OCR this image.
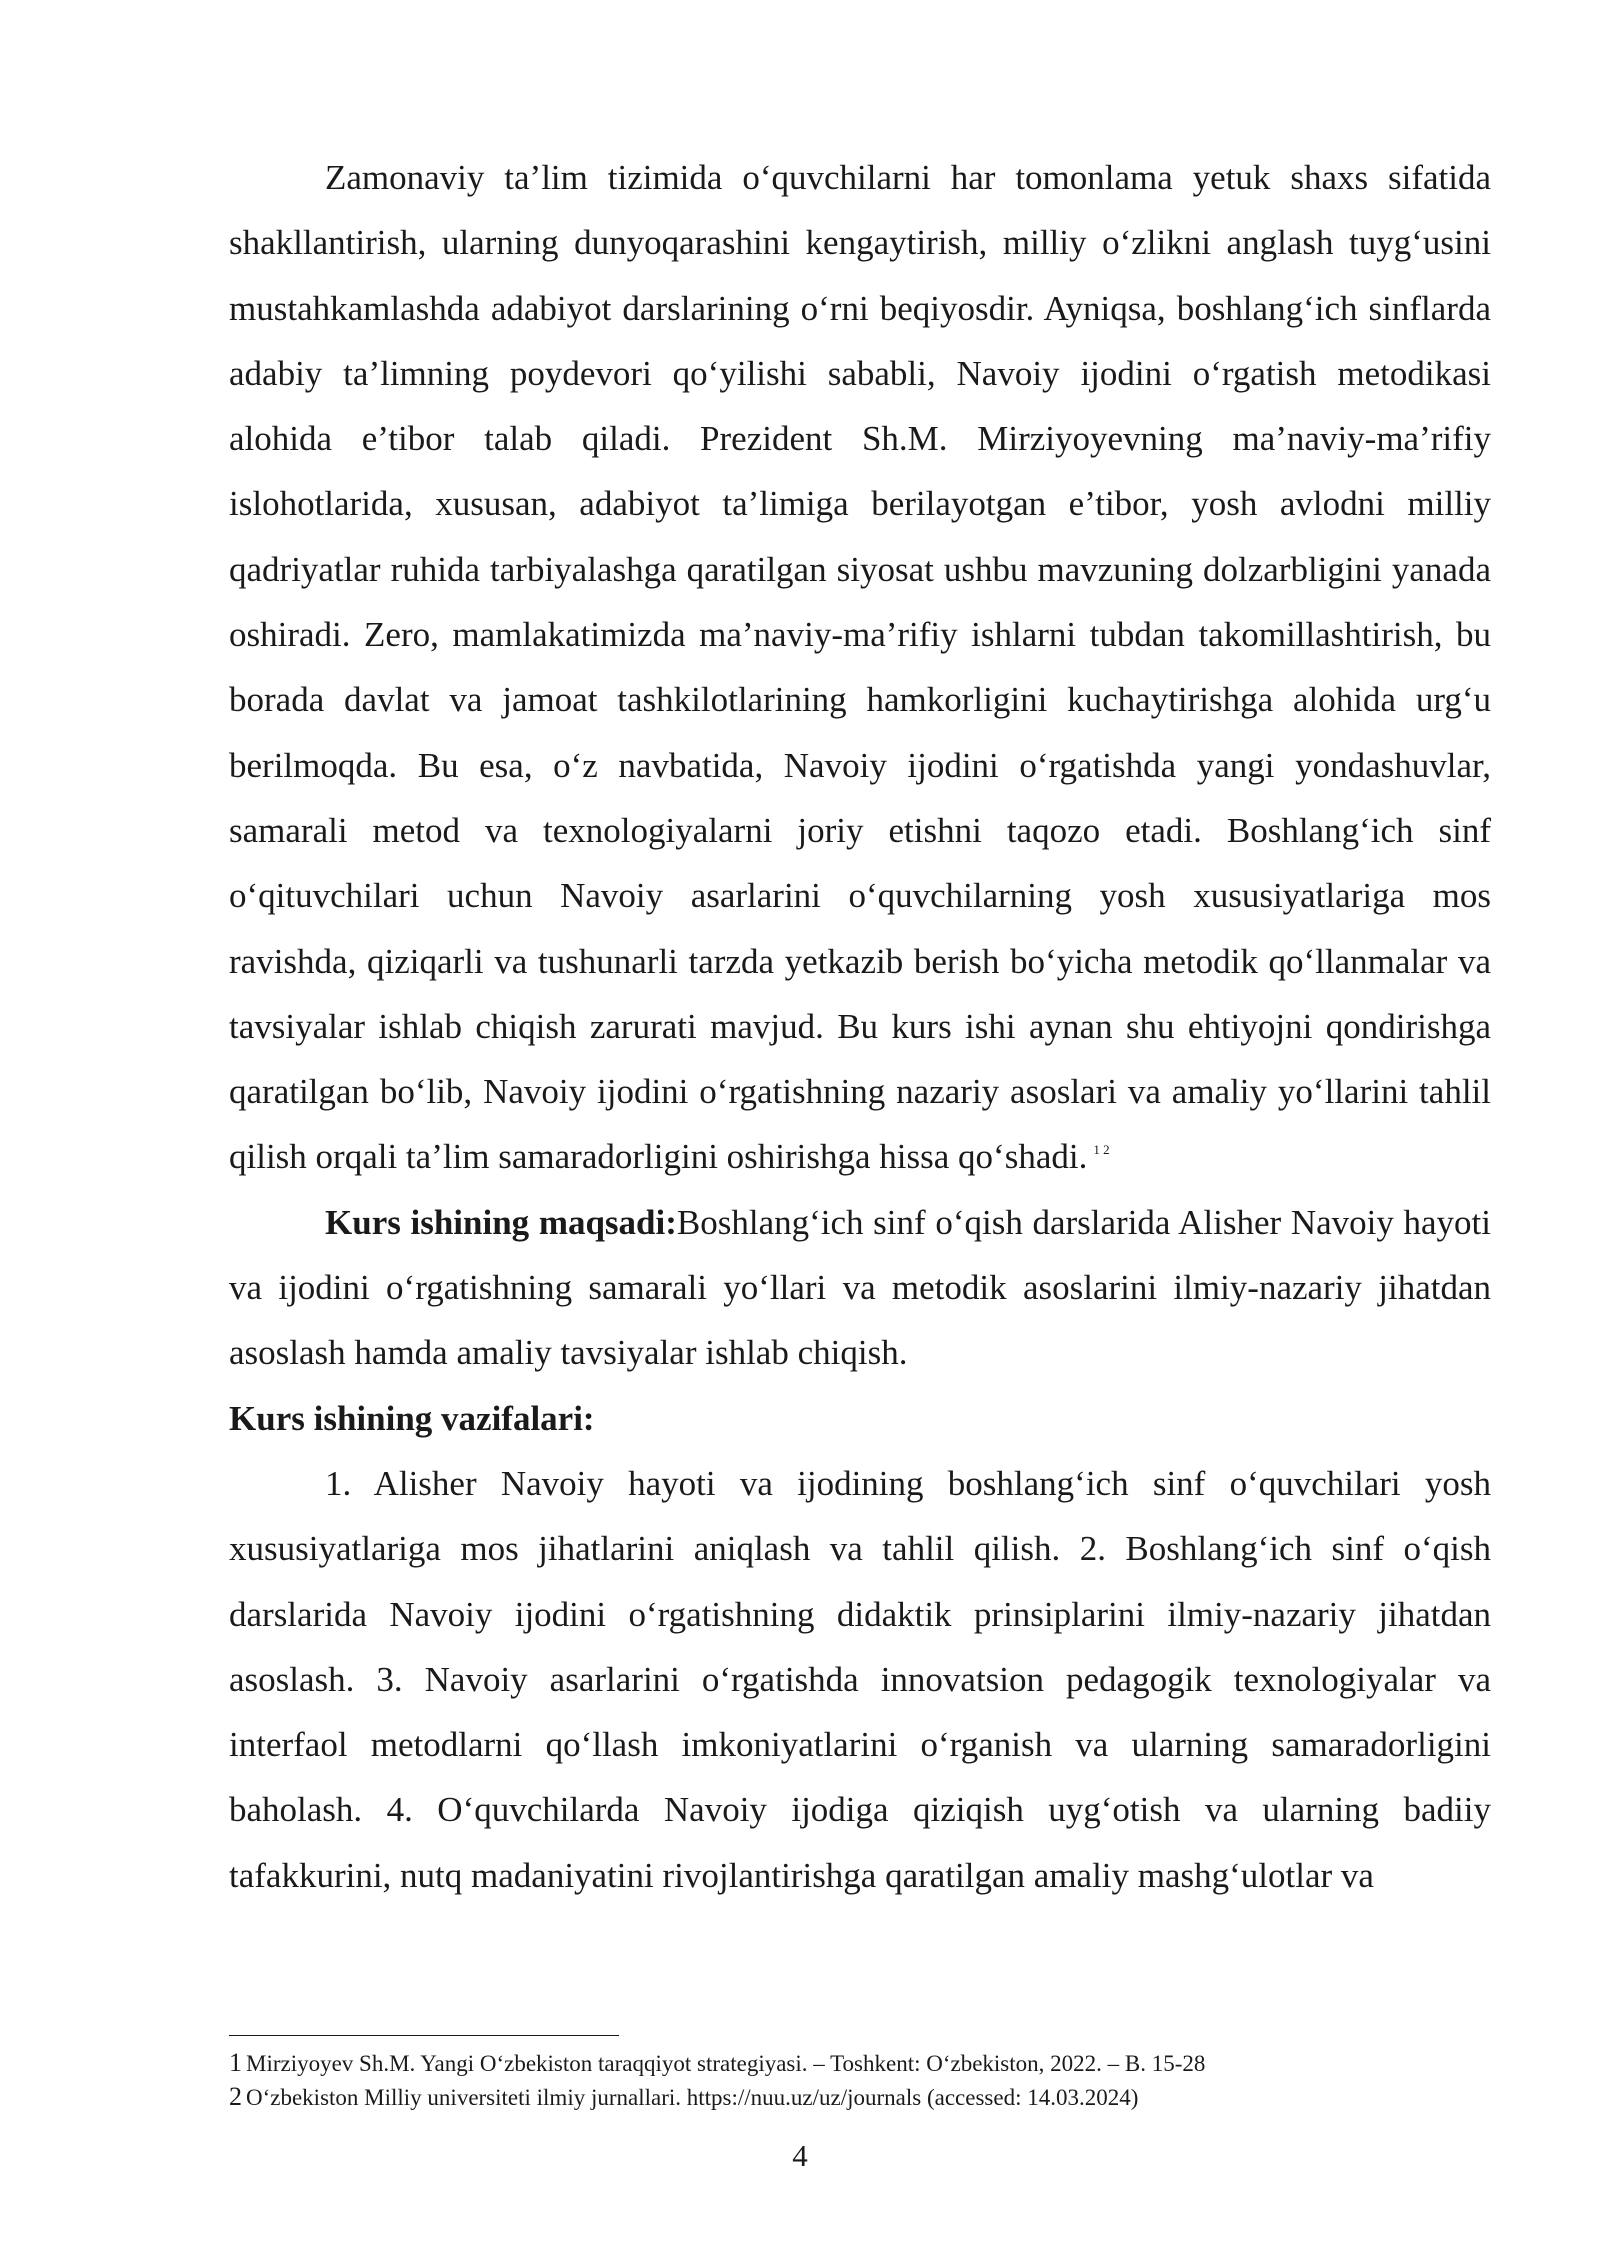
Zamonaviy ta’lim tizimida o‘quvchilarni har tomonlama yetuk shaxs sifatida shakllantirish, ularning dunyoqarashini kengaytirish, milliy o‘zlikni anglash tuyg‘usini mustahkamlashda adabiyot darslarining o‘rni beqiyosdir. Ayniqsa, boshlang‘ich sinflarda adabiy ta’limning poydevori qo‘yilishi sababli, Navoiy ijodini o‘rgatish metodikasi alohida e’tibor talab qiladi. Prezident Sh.M. Mirziyoyevning ma’naviy-ma’rifiy islohotlarida, xususan, adabiyot ta’limiga berilayotgan e’tibor, yosh avlodni milliy qadriyatlar ruhida tarbiyalashga qaratilgan siyosat ushbu mavzuning dolzarbligini yanada oshiradi. Zero, mamlakatimizda ma’naviy-ma’rifiy ishlarni tubdan takomillashtirish, bu borada davlat va jamoat tashkilotlarining hamkorligini kuchaytirishga alohida urg‘u berilmoqda. Bu esa, o‘z navbatida, Navoiy ijodini o‘rgatishda yangi yondashuvlar, samarali metod va texnologiyalarni joriy etishni taqozo etadi. Boshlang‘ich sinf o‘qituvchilari uchun Navoiy asarlarini o‘quvchilarning yosh xususiyatlariga mos ravishda, qiziqarli va tushunarli tarzda yetkazib berish bo‘yicha metodik qo‘llanmalar va tavsiyalar ishlab chiqish zarurati mavjud. Bu kurs ishi aynan shu ehtiyojni qondirishga qaratilgan bo‘lib, Navoiy ijodini o‘rgatishning nazariy asoslari va amaliy yo‘llarini tahlil qilish orqali ta’lim samaradorligini oshirishga hissa qo‘shadi. $^{1 2}$

Kurs ishining maqsadi:Boshlang‘ich sinf o‘qish darslarida Alisher Navoiy hayoti va ijodini o‘rgatishning samarali yo‘llari va metodik asoslarini ilmiy-nazariy jihatdan asoslash hamda amaliy tavsiyalar ishlab chiqish.

Kurs ishining vazifalari:

1. Alisher Navoiy hayoti va ijodining boshlang‘ich sinf o‘quvchilari yosh xususiyatlariga mos jihatlarini aniqlash va tahlil qilish. 2. Boshlang‘ich sinf o‘qish darslarida Navoiy ijodini o‘rgatishning didaktik prinsiplarini ilmiy-nazariy jihatdan asoslash. 3. Navoiy asarlarini o‘rgatishda innovatsion pedagogik texnologiyalar va interfaol metodlarni qo‘llash imkoniyatlarini o‘rganish va ularning samaradorligini baholash. 4. O‘quvchilarda Navoiy ijodiga qiziqish uyg‘otish va ularning badiiy tafakkurini, nutq madaniyatini rivojlantirishga qaratilgan amaliy mashg‘ulotlar va

1 Mirziyoyev Sh.M. Yangi O‘zbekiston taraqqiyot strategiyasi. – Toshkent: O‘zbekiston, 2022. – B. 15-28

2 O‘zbekiston Milliy universiteti ilmiy jurnallari. https://nuu.uz/uz/journals (accessed: 14.03.2024)

4
